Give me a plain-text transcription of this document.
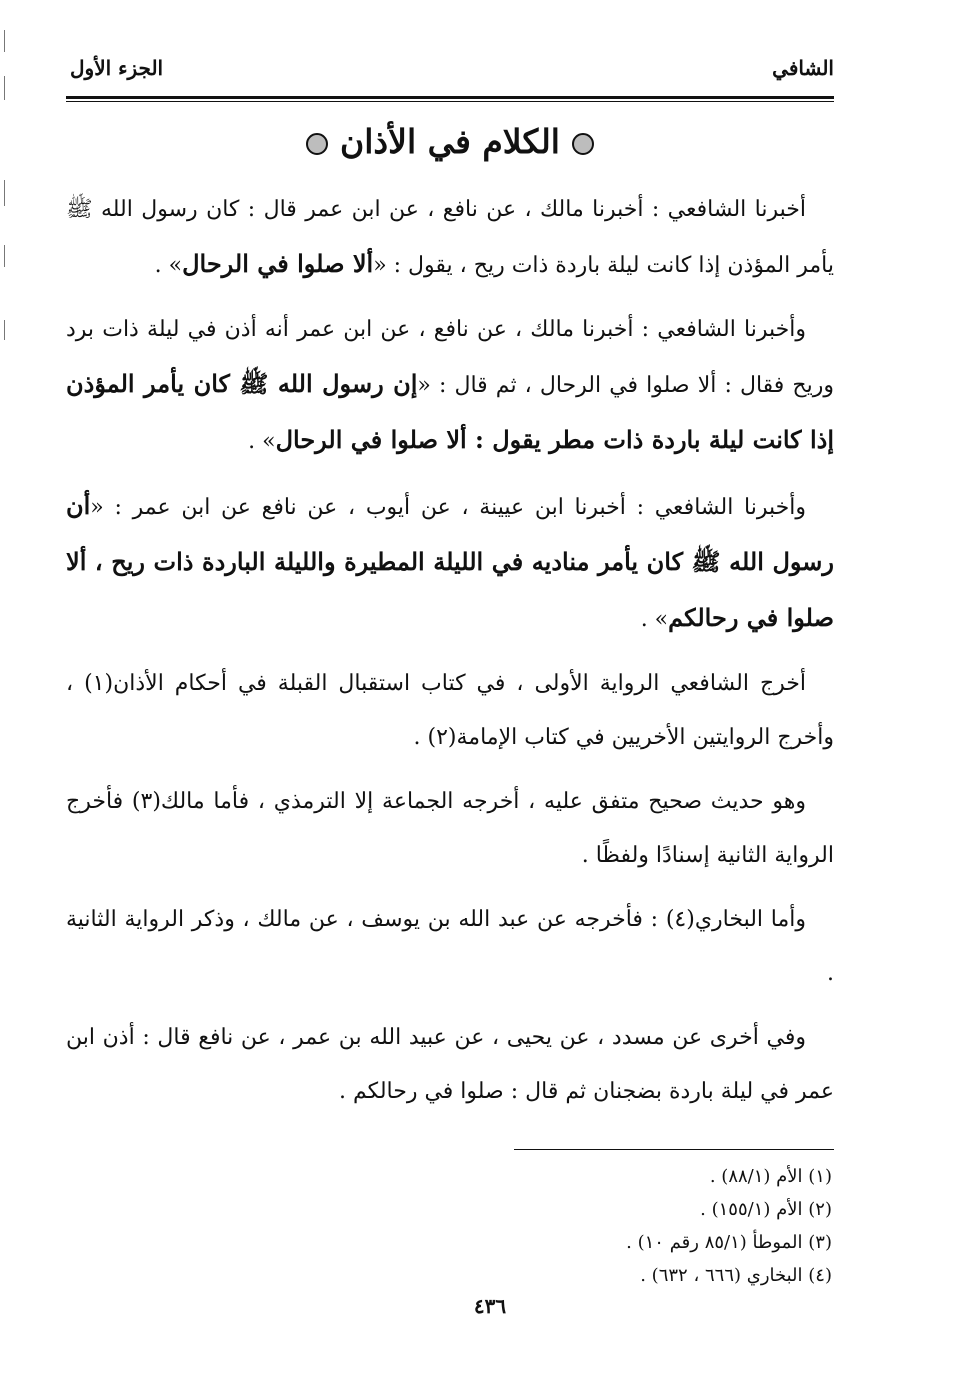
الشافي
الجزء الأول
الكلام في الأذان

أخبرنا الشافعي : أخبرنا مالك ، عن نافع ، عن ابن عمر قال : كان رسول الله ﷺ يأمر المؤذن إذا كانت ليلة باردة ذات ريح ، يقول : «ألا صلوا في الرحال» .

وأخبرنا الشافعي : أخبرنا مالك ، عن نافع ، عن ابن عمر أنه أذن في ليلة ذات برد وريح فقال : ألا صلوا في الرحال ، ثم قال : «إن رسول الله ﷺ كان يأمر المؤذن إذا كانت ليلة باردة ذات مطر يقول : ألا صلوا في الرحال» .

وأخبرنا الشافعي : أخبرنا ابن عيينة ، عن أيوب ، عن نافع عن ابن عمر : «أن رسول الله ﷺ كان يأمر مناديه في الليلة المطيرة والليلة الباردة ذات ريح ، ألا صلوا في رحالكم» .

أخرج الشافعي الرواية الأولى ، في كتاب استقبال القبلة في أحكام الأذان(١) ، وأخرج الروايتين الأخريين في كتاب الإمامة(٢) .

وهو حديث صحيح متفق عليه ، أخرجه الجماعة إلا الترمذي ، فأما مالك(٣) فأخرج الرواية الثانية إسنادًا ولفظًا .

وأما البخاري(٤) : فأخرجه عن عبد الله بن يوسف ، عن مالك ، وذكر الرواية الثانية .

وفي أخرى عن مسدد ، عن يحيى ، عن عبيد الله بن عمر ، عن نافع قال : أذن ابن عمر في ليلة باردة بضجنان ثم قال : صلوا في رحالكم .

(١) الأم (٨٨/١) .
(٢) الأم (١٥٥/١) .
(٣) الموطأ (٨٥/١ رقم ١٠) .
(٤) البخاري (٦٦٦ ، ٦٣٢) .
٤٣٦
